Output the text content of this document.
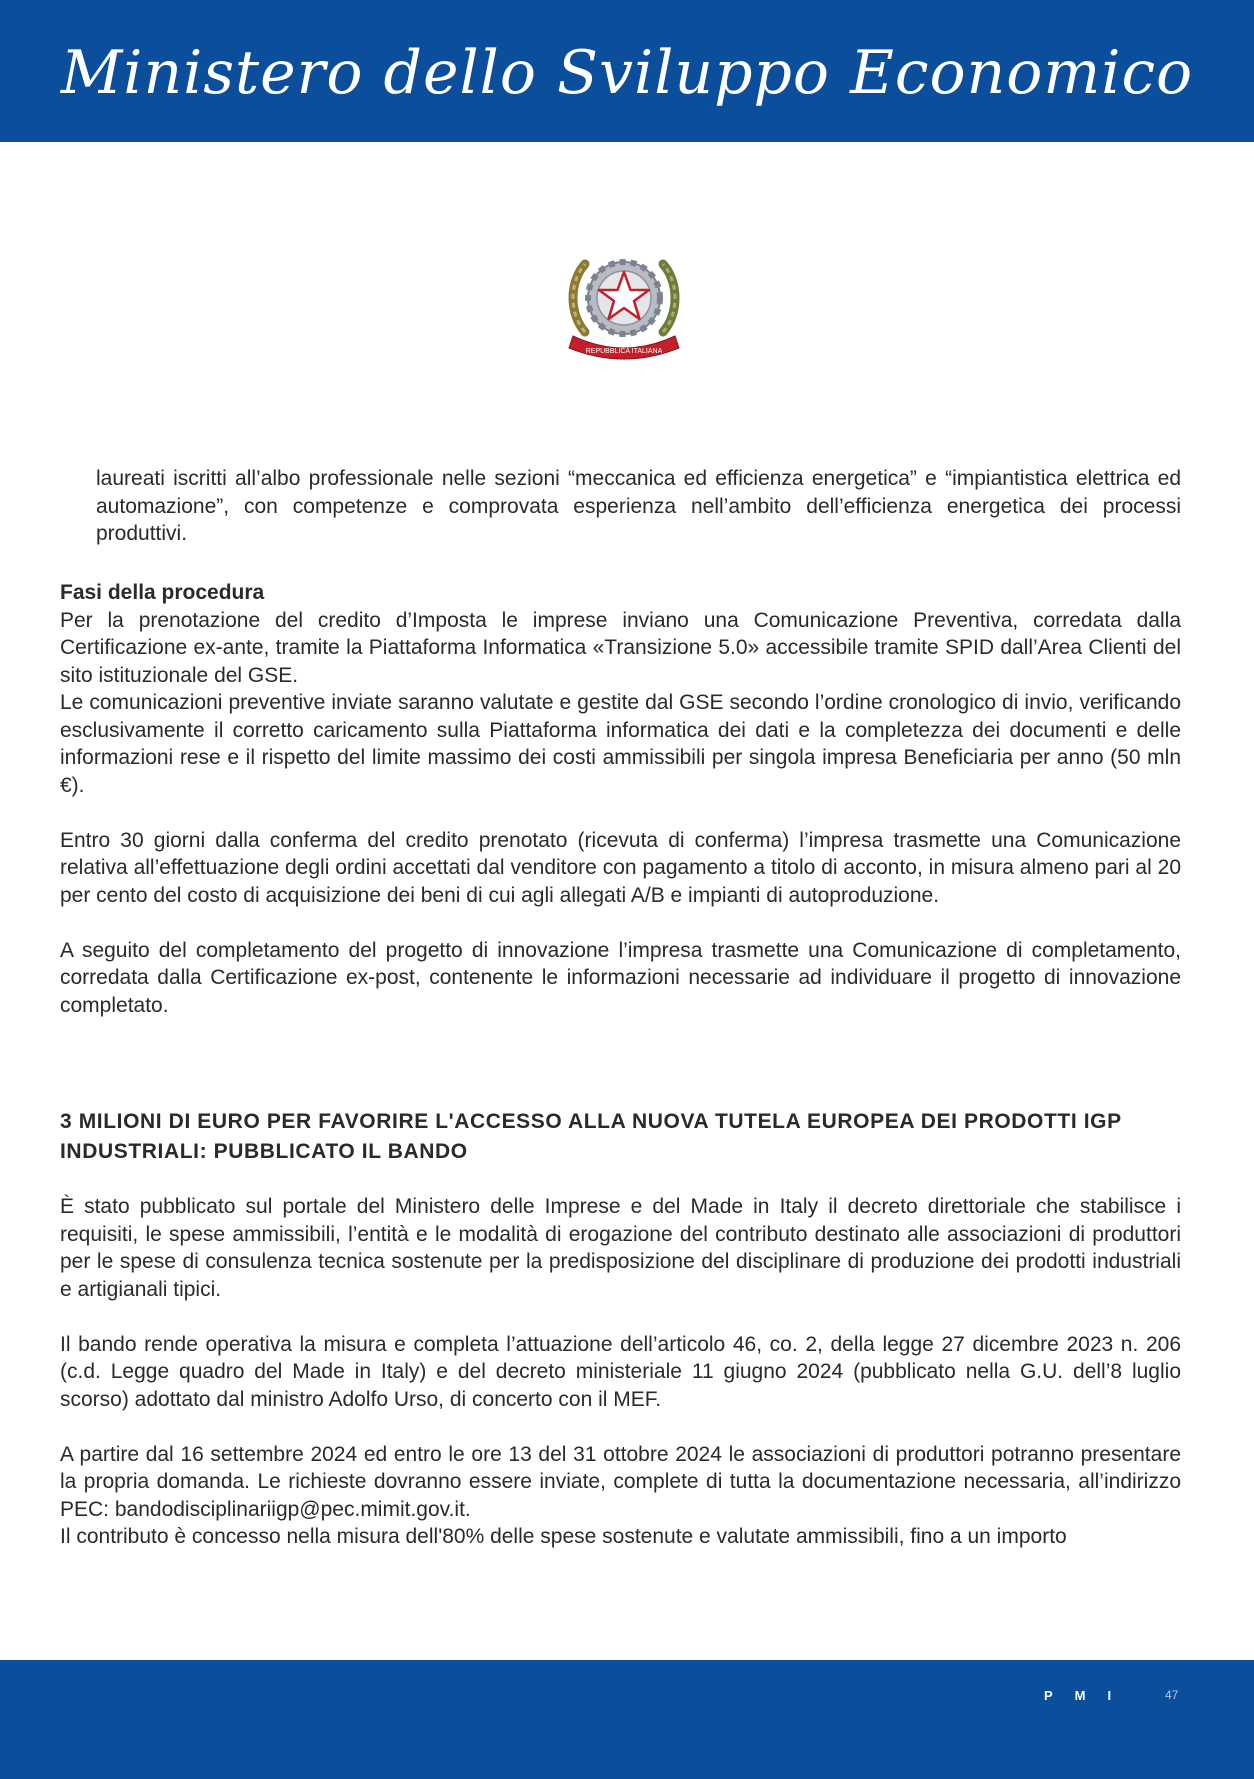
Ministero dello Sviluppo Economico
REPUBBLICA ITALIANA

laureati iscritti all’albo professionale nelle sezioni “meccanica ed efficienza energetica” e “impiantistica elettrica ed automazione”, con competenze e comprovata esperienza nell’ambito dell’efficienza energetica dei processi produttivi.

Fasi della procedura

Per la prenotazione del credito d’Imposta le imprese inviano una Comunicazione Preventiva, corredata dalla Certificazione ex-ante, tramite la Piattaforma Informatica «Transizione 5.0» accessibile tramite SPID dall’Area Clienti del sito istituzionale del GSE.

Le comunicazioni preventive inviate saranno valutate e gestite dal GSE secondo l’ordine cronologico di invio, verificando esclusivamente il corretto caricamento sulla Piattaforma informatica dei dati e la completezza dei documenti e delle informazioni rese e il rispetto del limite massimo dei costi ammissibili per singola impresa Beneficiaria per anno (50 mln €).

Entro 30 giorni dalla conferma del credito prenotato (ricevuta di conferma) l’impresa trasmette una Comunicazione relativa all’effettuazione degli ordini accettati dal venditore con pagamento a titolo di acconto, in misura almeno pari al 20 per cento del costo di acquisizione dei beni di cui agli allegati A/B e impianti di autoproduzione.

A seguito del completamento del progetto di innovazione l’impresa trasmette una Comunicazione di completamento, corredata dalla Certificazione ex-post, contenente le informazioni necessarie ad individuare il progetto di innovazione completato.

3 MILIONI DI EURO PER FAVORIRE L'ACCESSO ALLA NUOVA TUTELA EUROPEA DEI PRODOTTI IGP INDUSTRIALI: PUBBLICATO IL BANDO

È stato pubblicato sul portale del Ministero delle Imprese e del Made in Italy il decreto direttoriale che stabilisce i requisiti, le spese ammissibili, l’entità e le modalità di erogazione del contributo destinato alle associazioni di produttori per le spese di consulenza tecnica sostenute per la predisposizione del disciplinare di produzione dei prodotti industriali e artigianali tipici.

Il bando rende operativa la misura e completa l’attuazione dell’articolo 46, co. 2, della legge 27 dicembre 2023 n. 206 (c.d. Legge quadro del Made in Italy) e del decreto ministeriale 11 giugno 2024 (pubblicato nella G.U. dell’8 luglio scorso) adottato dal ministro Adolfo Urso, di concerto con il MEF.

A partire dal 16 settembre 2024 ed entro le ore 13 del 31 ottobre 2024 le associazioni di produttori potranno presentare la propria domanda. Le richieste dovranno essere inviate, complete di tutta la documentazione necessaria, all’indirizzo PEC: bandodisciplinariigp@pec.mimit.gov.it.

Il contributo è concesso nella misura dell'80% delle spese sostenute e valutate ammissibili, fino a un importo

PMI	47
